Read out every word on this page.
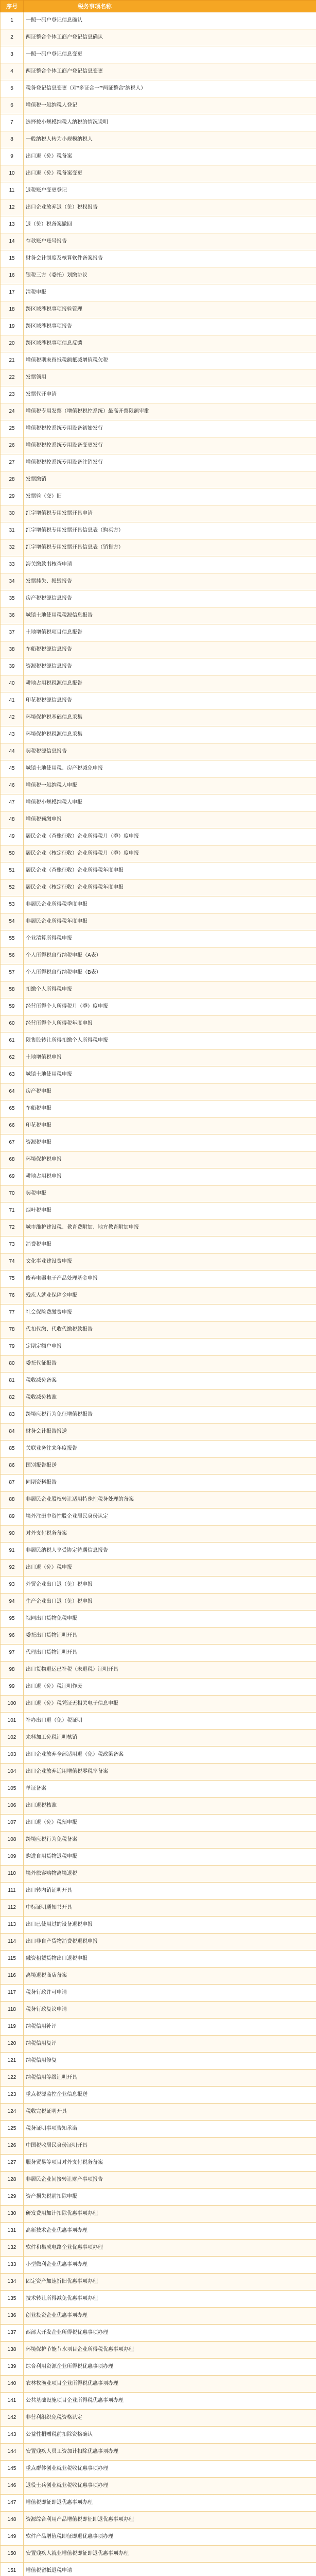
序号	税务事项名称
1	一照一码户登记信息确认
2	两证整合个体工商户登记信息确认
3	一照一码户登记信息变更
4	两证整合个体工商户登记信息变更
5	税务登记信息变更（对“多证合一”“两证整合”纳税人）
6	增值税一般纳税人登记
7	选择按小规模纳税人纳税的情况说明
8	一般纳税人转为小规模纳税人
9	出口退（免）税备案
10	出口退（免）税备案变更
11	退税账户变更登记
12	出口企业放弃退（免）税权报告
13	退（免）税备案撤回
14	存款账户账号报告
15	财务会计制度及核算软件备案报告
16	银税三方（委托）划缴协议
17	清税申报
18	跨区域涉税事项报验管理
19	跨区域涉税事项报告
20	跨区域涉税事项信息反馈
21	增值税期末留抵税额抵减增值税欠税
22	发票领用
23	发票代开申请
24	增值税专用发票（增值税税控系统）最高开票限额审批
25	增值税税控系统专用设备初始发行
26	增值税税控系统专用设备变更发行
27	增值税税控系统专用设备注销发行
28	发票缴销
29	发票验（交）旧
30	红字增值税专用发票开具申请
31	红字增值税专用发票开具信息表（购买方）
32	红字增值税专用发票开具信息表（销售方）
33	海关缴款书核查申请
34	发票挂失、损毁报告
35	房产税税源信息报告
36	城镇土地使用税税源信息报告
37	土地增值税项目信息报告
38	车船税税源信息报告
39	资源税税源信息报告
40	耕地占用税税源信息报告
41	印花税税源信息报告
42	环境保护税基础信息采集
43	环境保护税税源信息采集
44	契税税源信息报告
45	城镇土地使用税、房产税减免申报
46	增值税一般纳税人申报
47	增值税小规模纳税人申报
48	增值税预缴申报
49	居民企业（查账征收）企业所得税月（季）度申报
50	居民企业（核定征收）企业所得税月（季）度申报
51	居民企业（查账征收）企业所得税年度申报
52	居民企业（核定征收）企业所得税年度申报
53	非居民企业所得税季度申报
54	非居民企业所得税年度申报
55	企业清算所得税申报
56	个人所得税自行纳税申报（A表）
57	个人所得税自行纳税申报（B表）
58	扣缴个人所得税申报
59	经营所得个人所得税月（季）度申报
60	经营所得个人所得税年度申报
61	限售股转让所得扣缴个人所得税申报
62	土地增值税申报
63	城镇土地使用税申报
64	房产税申报
65	车船税申报
66	印花税申报
67	资源税申报
68	环境保护税申报
69	耕地占用税申报
70	契税申报
71	烟叶税申报
72	城市维护建设税、教育费附加、地方教育附加申报
73	消费税申报
74	文化事业建设费申报
75	废弃电器电子产品处理基金申报
76	残疾人就业保障金申报
77	社会保险费缴费申报
78	代扣代缴、代收代缴税款报告
79	定期定额户申报
80	委托代征报告
81	税收减免备案
82	税收减免核准
83	跨境应税行为免征增值税报告
84	财务会计报告报送
85	关联业务往来年度报告
86	国别报告报送
87	同期资料报告
88	非居民企业股权转让适用特殊性税务处理的备案
89	境外注册中资控股企业居民身份认定
90	对外支付税务备案
91	非居民纳税人享受协定待遇信息报告
92	出口退（免）税申报
93	外贸企业出口退（免）税申报
94	生产企业出口退（免）税申报
95	视同出口货物免税申报
96	委托出口货物证明开具
97	代理出口货物证明开具
98	出口货物退运已补税（未退税）证明开具
99	出口退（免）税证明作废
100	出口退（免）税凭证无相关电子信息申报
101	补办出口退（免）税证明
102	来料加工免税证明核销
103	出口企业放弃全部适用退（免）税政策备案
104	出口企业放弃适用增值税零税率备案
105	单证备案
106	出口退税核准
107	出口退（免）税预申报
108	跨境应税行为免税备案
109	购进自用货物退税申报
110	境外旅客购物离境退税
111	出口转内销证明开具
112	中标证明通知书开具
113	出口已使用过的设备退税申报
114	出口非自产货物消费税退税申报
115	融资租赁货物出口退税申报
116	离境退税商店备案
117	税务行政许可申请
118	税务行政复议申请
119	纳税信用补评
120	纳税信用复评
121	纳税信用修复
122	纳税信用等级证明开具
123	重点税源监控企业信息报送
124	税收完税证明开具
125	税务证明事项告知承诺
126	中国税收居民身份证明开具
127	服务贸易等项目对外支付税务备案
128	非居民企业间接转让财产事项报告
129	资产损失税前扣除申报
130	研发费用加计扣除优惠事项办理
131	高新技术企业优惠事项办理
132	软件和集成电路企业优惠事项办理
133	小型微利企业优惠事项办理
134	固定资产加速折旧优惠事项办理
135	技术转让所得减免优惠事项办理
136	创业投资企业优惠事项办理
137	西部大开发企业所得税优惠事项办理
138	环境保护节能节水项目企业所得税优惠事项办理
139	综合利用资源企业所得税优惠事项办理
140	农林牧渔业项目企业所得税优惠事项办理
141	公共基础设施项目企业所得税优惠事项办理
142	非营利组织免税资格认定
143	公益性捐赠税前扣除资格确认
144	安置残疾人员工资加计扣除优惠事项办理
145	重点群体创业就业税收优惠事项办理
146	退役士兵创业就业税收优惠事项办理
147	增值税即征即退优惠事项办理
148	资源综合利用产品增值税即征即退优惠事项办理
149	软件产品增值税即征即退优惠事项办理
150	安置残疾人就业增值税即征即退优惠事项办理
151	增值税留抵退税申请
